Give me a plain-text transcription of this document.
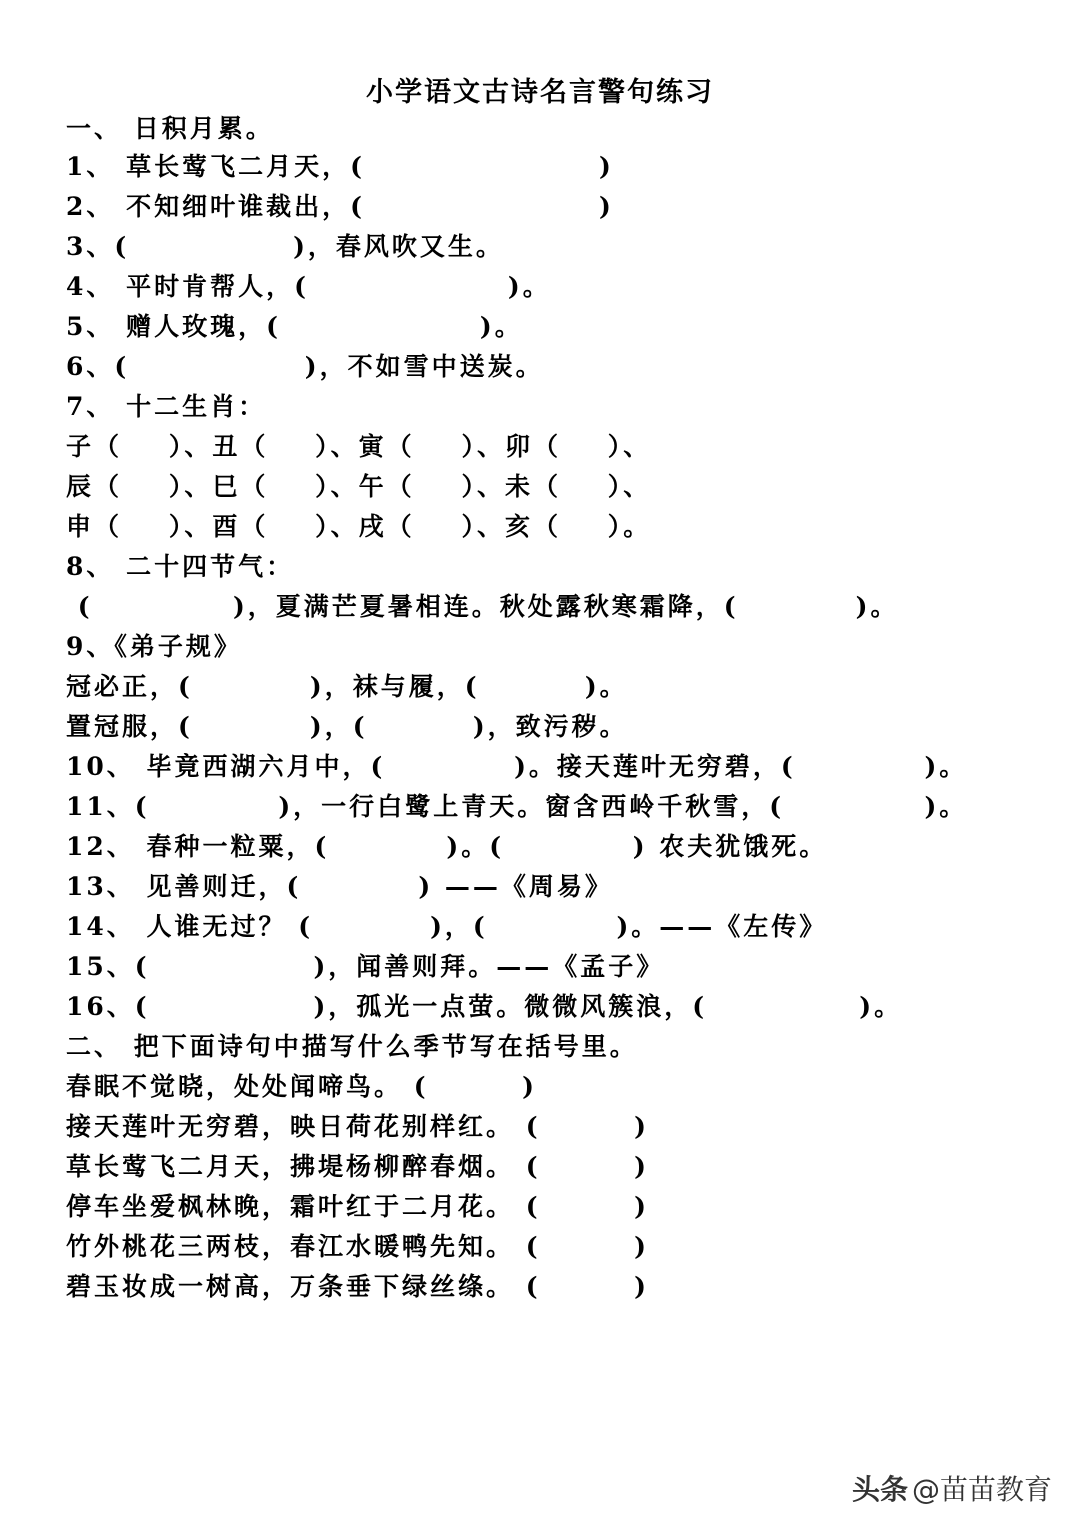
小学语文古诗名言警句练习
一、 日积月累。
1、 草长莺飞二月天，(                    )
2、 不知细叶谁裁出，(                    )
3、(              )，春风吹又生。
4、 平时肯帮人，(                 )。
5、 赠人玫瑰，(                 )。
6、(               )，不如雪中送炭。
7、 十二生肖：
子（    ）、丑（    ）、寅（    ）、卯（    ）、
辰（    ）、巳（    ）、午（    ）、未（    ）、
申（    ）、酉（    ）、戌（    ）、亥（    ）。
8、 二十四节气：
(            )，夏满芒夏暑相连。秋处露秋寒霜降，(          )。
9、《弟子规》
冠必正，(          )，袜与履，(         )。
置冠服，(          )，(         )，致污秽。
10、 毕竟西湖六月中，(           )。接天莲叶无穷碧，(           )。
11、(           )，一行白鹭上青天。窗含西岭千秋雪，(            )。
12、 春种一粒粟，(          )。(           ) 农夫犹饿死。
13、 见善则迁，(          ) ——《周易》
14、 人谁无过？ (          )，(           )。——《左传》
15、(              )，闻善则拜。——《孟子》
16、(              )，孤光一点萤。微微风簇浪，(             )。
二、 把下面诗句中描写什么季节写在括号里。
春眠不觉晓，处处闻啼鸟。 (        )
接天莲叶无穷碧，映日荷花别样红。 (        )
草长莺飞二月天，拂堤杨柳醉春烟。 (        )
停车坐爱枫林晚，霜叶红于二月花。 (        )
竹外桃花三两枝，春江水暖鸭先知。 (        )
碧玉妆成一树高，万条垂下绿丝绦。 (        )
头条 @苗苗教育
